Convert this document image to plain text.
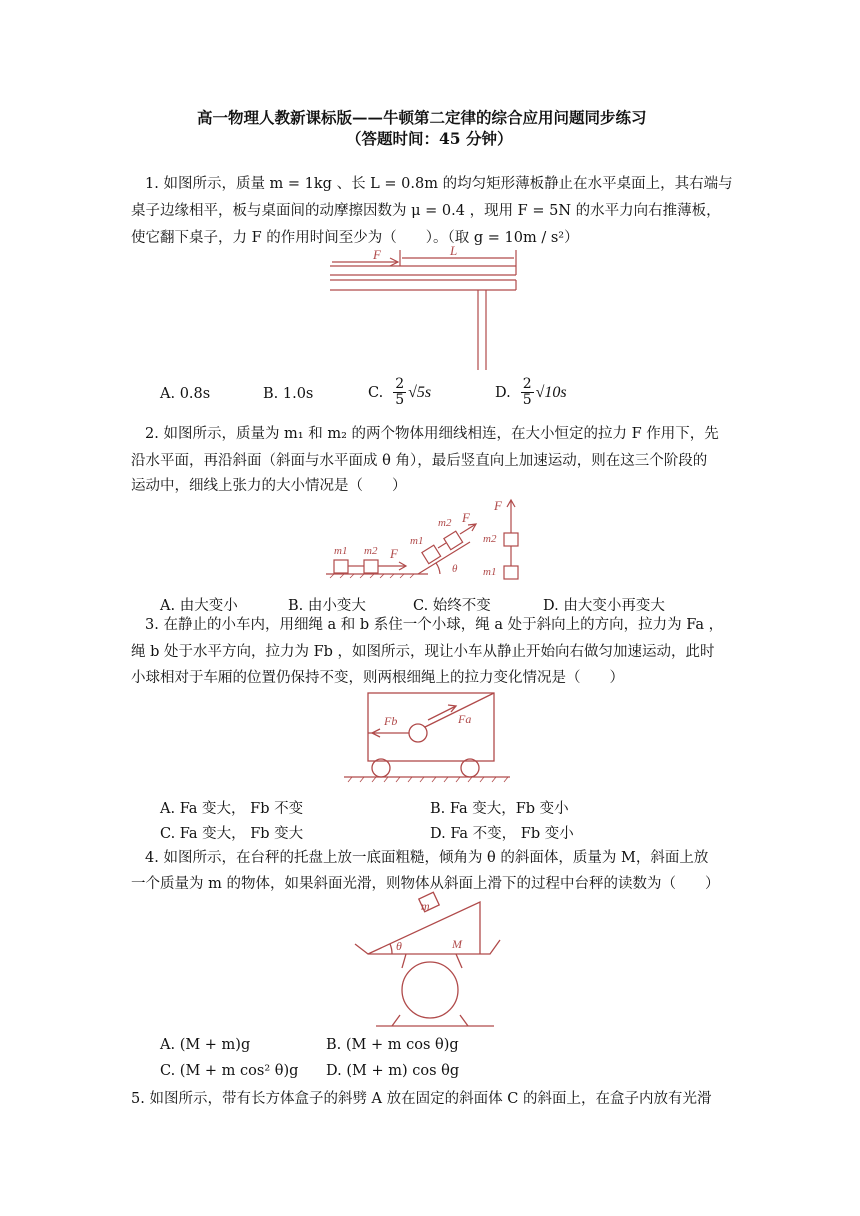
高一物理人教新课标版——牛顿第二定律的综合应用问题同步练习
（答题时间：45 分钟）
1. 如图所示，质量 m = 1kg 、长 L = 0.8m 的均匀矩形薄板静止在水平桌面上，其右端与
桌子边缘相平，板与桌面间的动摩擦因数为 μ = 0.4 ，现用 F = 5N 的水平力向右推薄板，
使它翻下桌子，力 F 的作用时间至少为（　　）。（取 g = 10m / s²）
F	L
A. 0.8s	B. 1.0s	C. $\frac{2}{5} √5s$	D. $\frac{2}{5} √10s$
2. 如图所示，质量为 m₁ 和 m₂ 的两个物体用细线相连，在大小恒定的拉力 F 作用下，先
沿水平面，再沿斜面（斜面与水平面成 θ 角），最后竖直向上加速运动，则在这三个阶段的
运动中，细线上张力的大小情况是（　　）
m1 m2 F
m1
m2 F
θ
F
m2
m1
A. 由大变小	B. 由小变大	C. 始终不变	D. 由大变小再变大
3. 在静止的小车内，用细绳 a 和 b 系住一个小球，绳 a 处于斜向上的方向，拉力为 Fa ，
绳 b 处于水平方向，拉力为 Fb ，如图所示，现让小车从静止开始向右做匀加速运动，此时
小球相对于车厢的位置仍保持不变，则两根细绳上的拉力变化情况是（　　）
Fb	Fa
A. Fa 变大， Fb 不变	B. Fa 变大，Fb 变小
C. Fa 变大， Fb 变大	D. Fa 不变， Fb 变小
4. 如图所示，在台秤的托盘上放一底面粗糙，倾角为 θ 的斜面体，质量为 M，斜面上放
一个质量为 m 的物体，如果斜面光滑，则物体从斜面上滑下的过程中台秤的读数为（　　）
m
θ	M
A. (M + m)g	B. (M + m cos θ)g
C. (M + m cos² θ)g D. (M + m) cos θg
5. 如图所示，带有长方体盒子的斜劈 A 放在固定的斜面体 C 的斜面上，在盒子内放有光滑
